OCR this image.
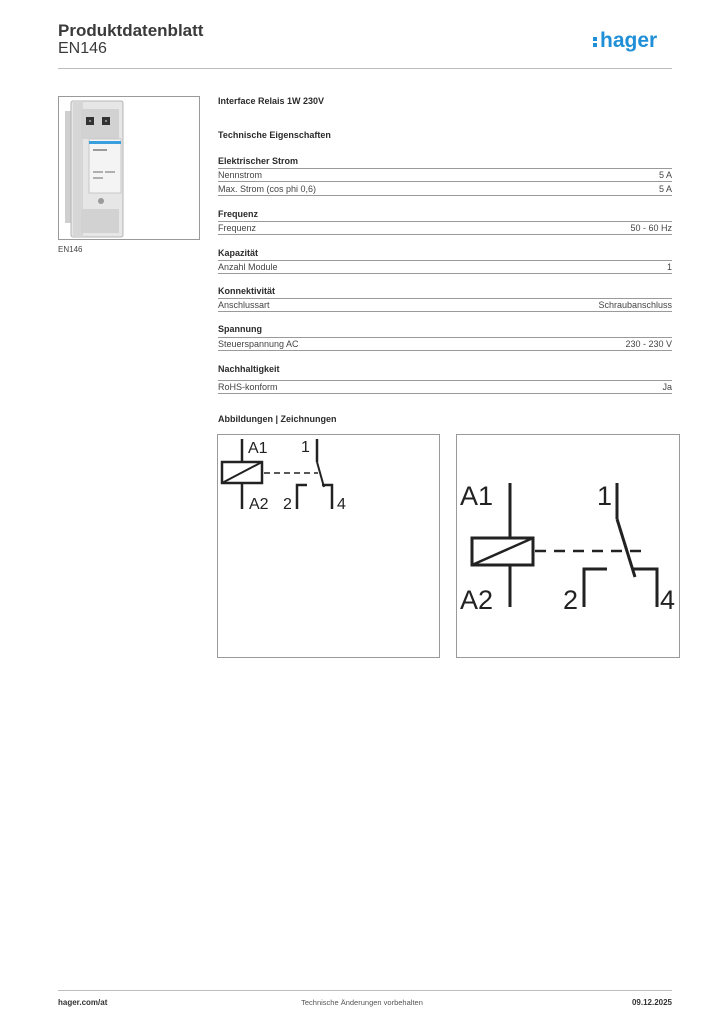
Produktdatenblatt
EN146	hager
EN146
Interface Relais 1W 230V
Technische Eigenschaften
Elektrischer Strom
Nennstrom	5 A
Max. Strom (cos phi 0,6)	5 A
Frequenz
Frequenz	50 - 60 Hz
Kapazität
Anzahl Module	1
Konnektivität
Anschlussart	Schraubanschluss
Spannung
Steuerspannung AC	230 - 230 V
Nachhaltigkeit
RoHS-konform	Ja
Abbildungen | Zeichnungen
A1
A2
1
2	4	A1
A2
1
2	4
hager.com/at	Technische Änderungen vorbehalten	09.12.2025
